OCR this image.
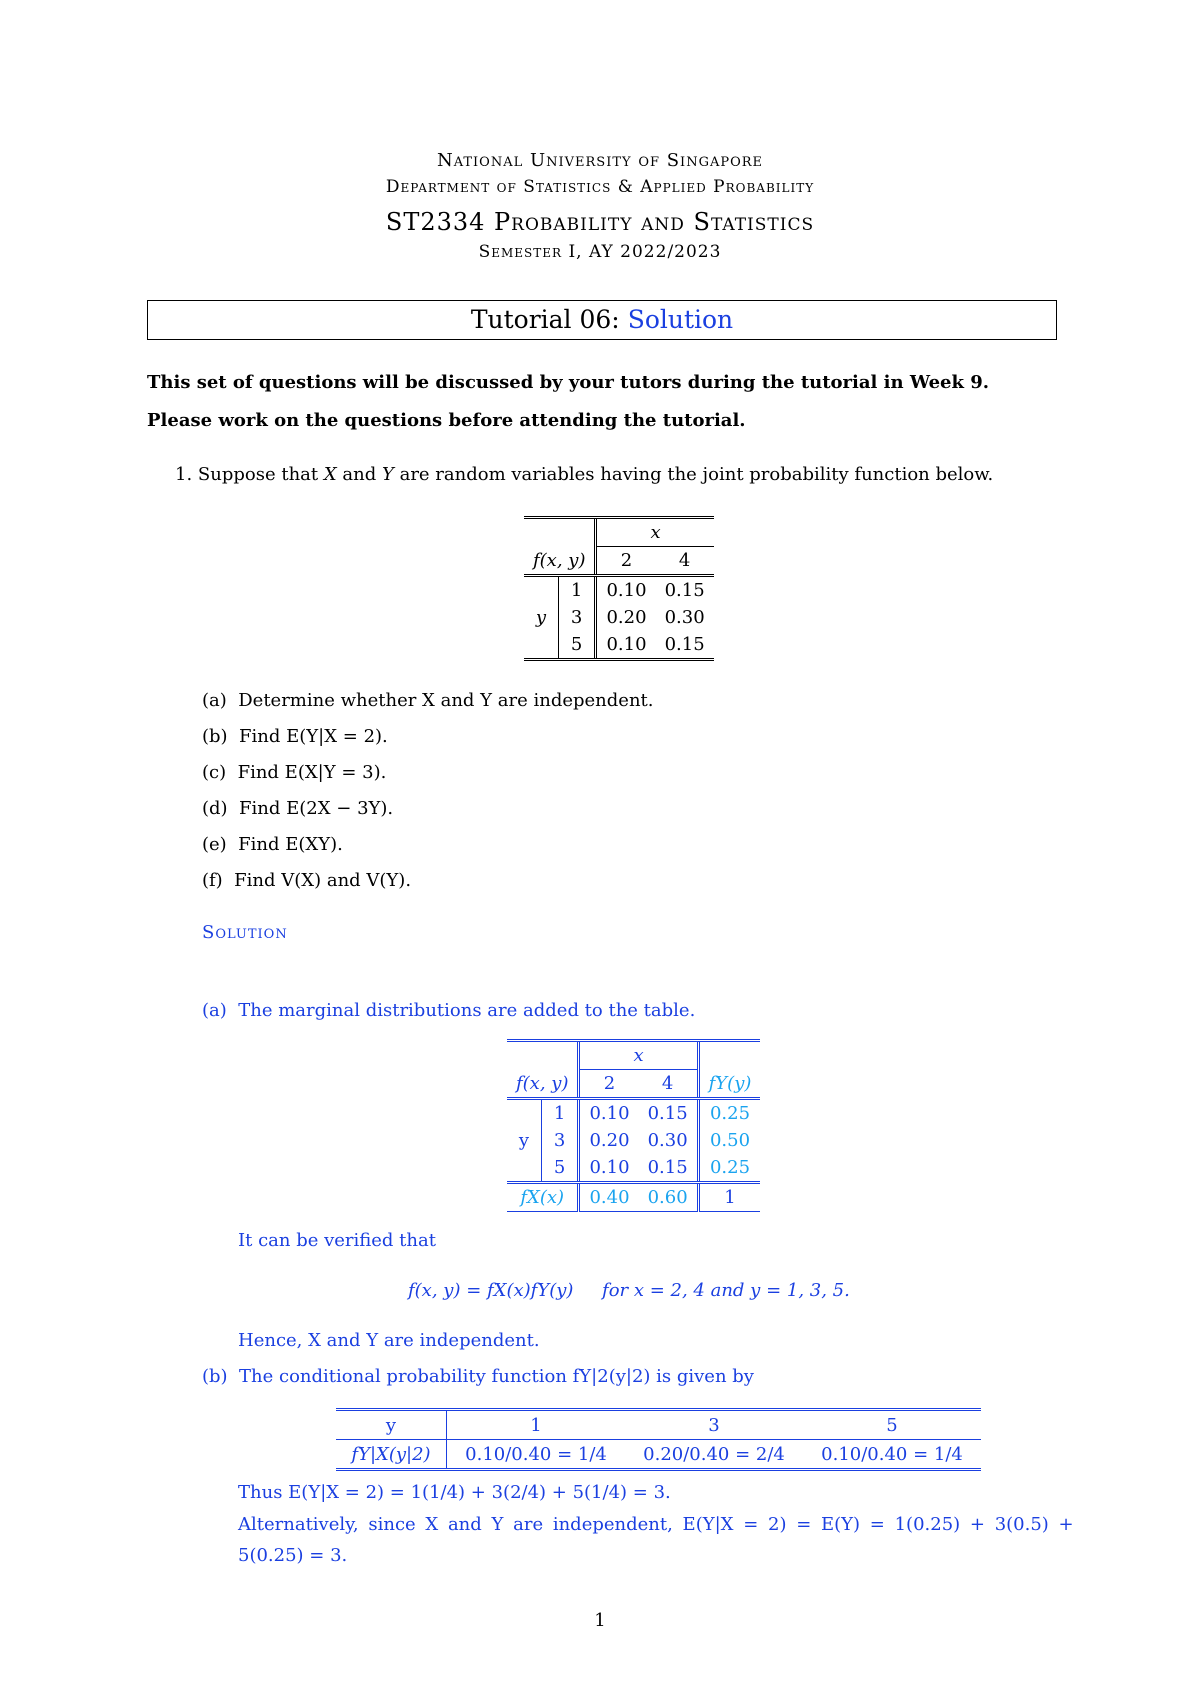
National University of Singapore
Department of Statistics & Applied Probability
ST2334 Probability and Statistics
Semester I, AY 2022/2023
Tutorial 06: Solution
This set of questions will be discussed by your tutors during the tutorial in Week 9.
Please work on the questions before attending the tutorial.
1. Suppose that X and Y are random variables having the joint probability function below.
		x	
f(x, y)		2	4
y	1	0.10	0.15
	3	0.20	0.30
	5	0.10	0.15
(a) Determine whether X and Y are independent.
(b) Find E(Y|X = 2).
(c) Find E(X|Y = 3).
(d) Find E(2X − 3Y).
(e) Find E(XY).
(f) Find V(X) and V(Y).
Solution
(a) The marginal distributions are added to the table.
		x		
f(x, y)		2	4	fY(y)
y	1	0.10	0.15	0.25
	3	0.20	0.30	0.50
	5	0.10	0.15	0.25
fX(x)		0.40	0.60	1
It can be verified that
f(x, y) = fX(x)fY(y)     for x = 2, 4 and y = 1, 3, 5.
Hence, X and Y are independent.
(b) The conditional probability function fY|2(y|2) is given by
y	1	3	5
fY|X(y|2)	0.10/0.40 = 1/4	0.20/0.40 = 2/4	0.10/0.40 = 1/4
Thus E(Y|X = 2) = 1(1/4) + 3(2/4) + 5(1/4) = 3.
Alternatively, since X and Y are independent, E(Y|X = 2) = E(Y) = 1(0.25) + 3(0.5) +
5(0.25) = 3.
1
